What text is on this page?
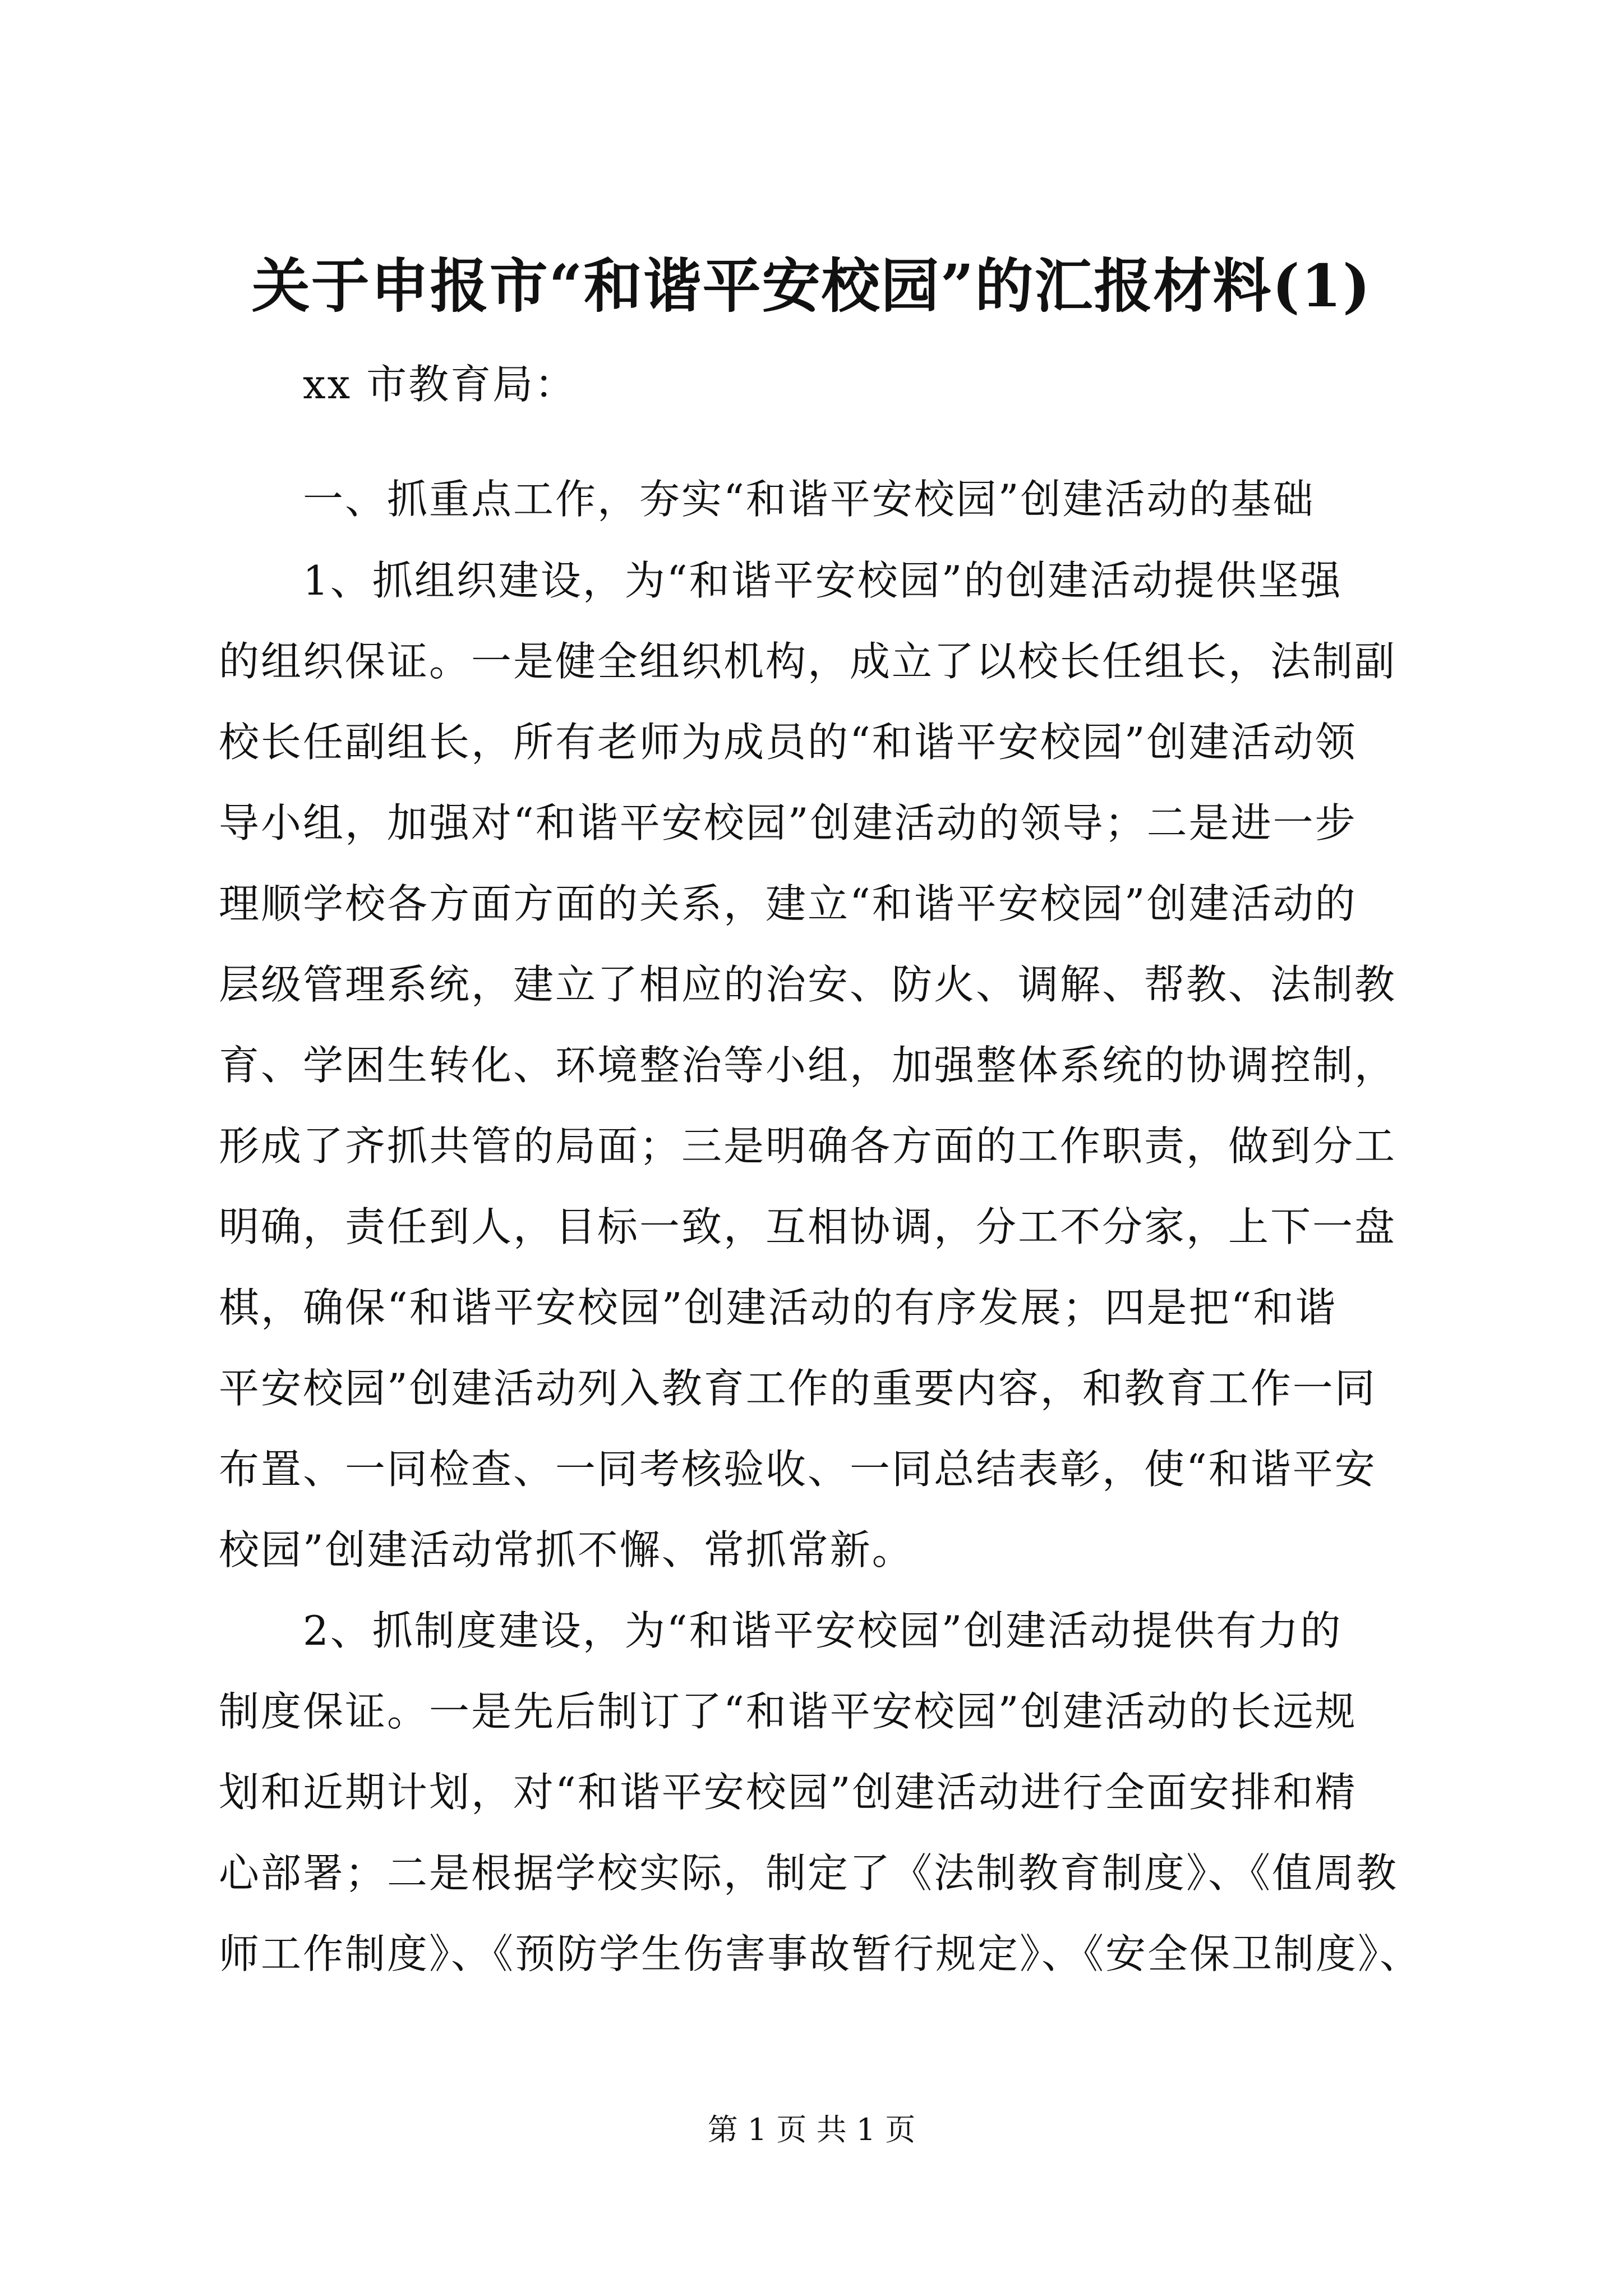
关于申报市“和谐平安校园”的汇报材料(1)
xx 市教育局：
一、抓重点工作，夯实“和谐平安校园”创建活动的基础
1、抓组织建设，为“和谐平安校园”的创建活动提供坚强
的组织保证。一是健全组织机构，成立了以校长任组长，法制副
校长任副组长，所有老师为成员的“和谐平安校园”创建活动领
导小组，加强对“和谐平安校园”创建活动的领导；二是进一步
理顺学校各方面方面的关系，建立“和谐平安校园”创建活动的
层级管理系统，建立了相应的治安、防火、调解、帮教、法制教
育、学困生转化、环境整治等小组，加强整体系统的协调控制，
形成了齐抓共管的局面；三是明确各方面的工作职责，做到分工
明确，责任到人，目标一致，互相协调，分工不分家，上下一盘
棋，确保“和谐平安校园”创建活动的有序发展；四是把“和谐
平安校园”创建活动列入教育工作的重要内容，和教育工作一同
布置、一同检查、一同考核验收、一同总结表彰，使“和谐平安
校园”创建活动常抓不懈、常抓常新。
2、抓制度建设，为“和谐平安校园”创建活动提供有力的
制度保证。一是先后制订了“和谐平安校园”创建活动的长远规
划和近期计划，对“和谐平安校园”创建活动进行全面安排和精
心部署；二是根据学校实际，制定了《法制教育制度》、《值周教
师工作制度》、《预防学生伤害事故暂行规定》、《安全保卫制度》、
第 1 页 共 1 页
